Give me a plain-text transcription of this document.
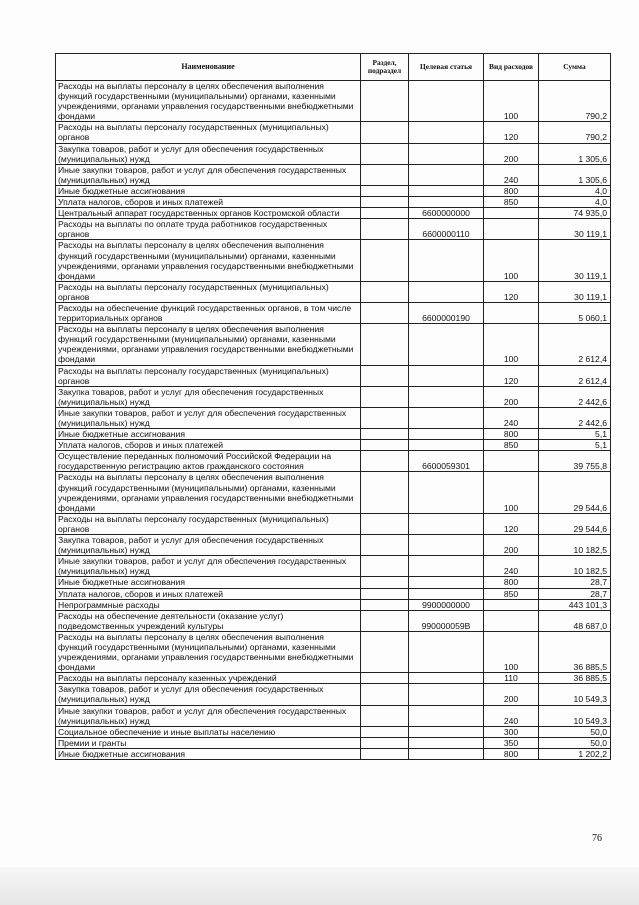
Наименование	Раздел, подраздел	Целевая статья	Вид расходов	Сумма
Расходы на выплаты персоналу в целях обеспечения выполнения функций государственными (муниципальными) органами, казенными учреждениями, органами управления государственными внебюджетными фондами			100	790,2
Расходы на выплаты персоналу государственных (муниципальных) органов			120	790,2
Закупка товаров, работ и услуг для обеспечения государственных (муниципальных) нужд			200	1 305,6
Иные закупки товаров, работ и услуг для обеспечения государственных (муниципальных) нужд			240	1 305,6
Иные бюджетные ассигнования			800	4,0
Уплата налогов, сборов и иных платежей			850	4,0
Центральный аппарат государственных органов Костромской области		6600000000		74 935,0
Расходы на выплаты по оплате труда работников государственных органов		6600000110		30 119,1
Расходы на выплаты персоналу в целях обеспечения выполнения функций государственными (муниципальными) органами, казенными учреждениями, органами управления государственными внебюджетными фондами			100	30 119,1
Расходы на выплаты персоналу государственных (муниципальных) органов			120	30 119,1
Расходы на обеспечение функций государственных органов, в том числе территориальных органов		6600000190		5 060,1
Расходы на выплаты персоналу в целях обеспечения выполнения функций государственными (муниципальными) органами, казенными учреждениями, органами управления государственными внебюджетными фондами			100	2 612,4
Расходы на выплаты персоналу государственных (муниципальных) органов			120	2 612,4
Закупка товаров, работ и услуг для обеспечения государственных (муниципальных) нужд			200	2 442,6
Иные закупки товаров, работ и услуг для обеспечения государственных (муниципальных) нужд			240	2 442,6
Иные бюджетные ассигнования			800	5,1
Уплата налогов, сборов и иных платежей			850	5,1
Осуществление переданных полномочий Российской Федерации на государственную регистрацию актов гражданского состояния		6600059301		39 755,8
Расходы на выплаты персоналу в целях обеспечения выполнения функций государственными (муниципальными) органами, казенными учреждениями, органами управления государственными внебюджетными фондами			100	29 544,6
Расходы на выплаты персоналу государственных (муниципальных) органов			120	29 544,6
Закупка товаров, работ и услуг для обеспечения государственных (муниципальных) нужд			200	10 182,5
Иные закупки товаров, работ и услуг для обеспечения государственных (муниципальных) нужд			240	10 182,5
Иные бюджетные ассигнования			800	28,7
Уплата налогов, сборов и иных платежей			850	28,7
Непрограммные расходы		9900000000		443 101,3
Расходы на обеспечение деятельности (оказание услуг) подведомственных учреждений культуры		990000059В		48 687,0
Расходы на выплаты персоналу в целях обеспечения выполнения функций государственными (муниципальными) органами, казенными учреждениями, органами управления государственными внебюджетными фондами			100	36 885,5
Расходы на выплаты персоналу казенных учреждений			110	36 885,5
Закупка товаров, работ и услуг для обеспечения государственных (муниципальных) нужд			200	10 549,3
Иные закупки товаров, работ и услуг для обеспечения государственных (муниципальных) нужд			240	10 549,3
Социальное обеспечение и иные выплаты населению			300	50,0
Премии и гранты			350	50,0
Иные бюджетные ассигнования			800	1 202,2
76
